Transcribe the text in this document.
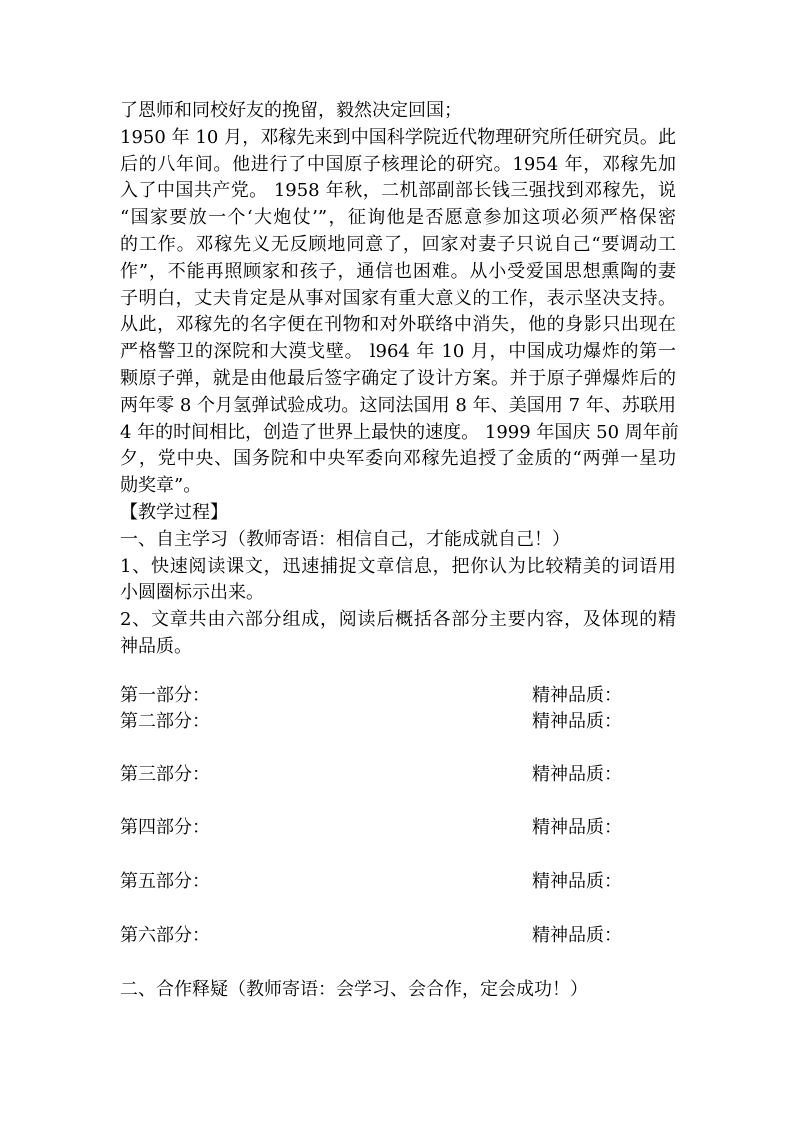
了恩师和同校好友的挽留，毅然决定回国；
1950 年 10 月，邓稼先来到中国科学院近代物理研究所任研究员。此
后的八年间。他进行了中国原子核理论的研究。1954 年，邓稼先加
入了中国共产党。 1958 年秋，二机部副部长钱三强找到邓稼先，说
“国家要放一个‘大炮仗’”，征询他是否愿意参加这项必须严格保密
的工作。邓稼先义无反顾地同意了，回家对妻子只说自己“要调动工
作”，不能再照顾家和孩子，通信也困难。从小受爱国思想熏陶的妻
子明白，丈夫肯定是从事对国家有重大意义的工作，表示坚决支持。
从此，邓稼先的名字便在刊物和对外联络中消失，他的身影只出现在
严格警卫的深院和大漠戈壁。 l964 年 10 月，中国成功爆炸的第一
颗原子弹，就是由他最后签字确定了设计方案。并于原子弹爆炸后的
两年零 8 个月氢弹试验成功。这同法国用 8 年、美国用 7 年、苏联用
4 年的时间相比，创造了世界上最快的速度。 1999 年国庆 50 周年前
夕，党中央、国务院和中央军委向邓稼先追授了金质的“两弹一星功
勋奖章”。
【教学过程】
一、自主学习（教师寄语：相信自己，才能成就自己！）
1、快速阅读课文，迅速捕捉文章信息，把你认为比较精美的词语用
小圆圈标示出来。
2、文章共由六部分组成，阅读后概括各部分主要内容，及体现的精
神品质。
第一部分：	精神品质：
第二部分：	精神品质：
第三部分：	精神品质：
第四部分：	精神品质：
第五部分：	精神品质：
第六部分：	精神品质：
二、合作释疑（教师寄语：会学习、会合作，定会成功！）
